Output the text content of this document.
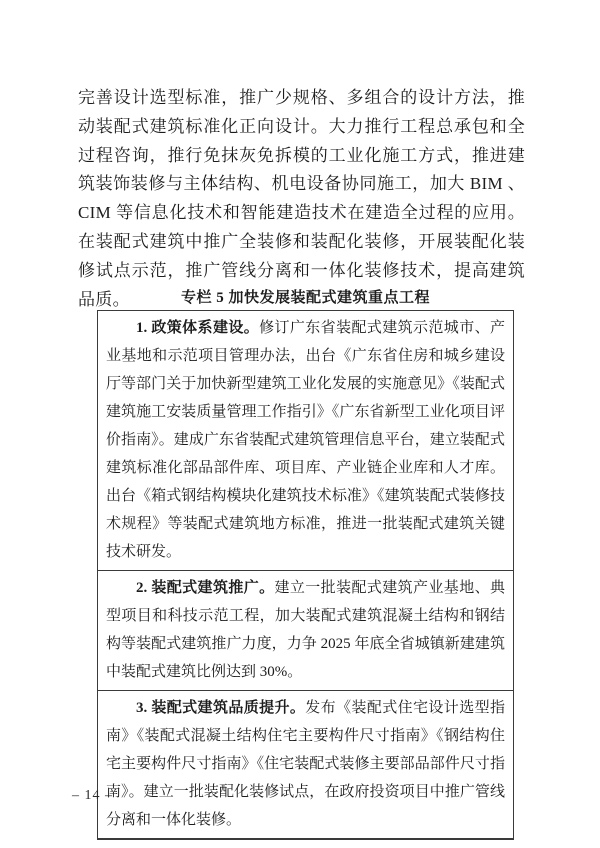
完善设计选型标准，推广少规格、多组合的设计方法，推动装配式建筑标准化正向设计。大力推行工程总承包和全过程咨询，推行免抹灰免拆模的工业化施工方式，推进建筑装饰装修与主体结构、机电设备协同施工，加大 BIM 、CIM 等信息化技术和智能建造技术在建造全过程的应用。在装配式建筑中推广全装修和装配化装修，开展装配化装修试点示范，推广管线分离和一体化装修技术，提高建筑品质。	专栏 5 加快发展装配式建筑重点工程

1. 政策体系建设。修订广东省装配式建筑示范城市、产业基地和示范项目管理办法，出台《广东省住房和城乡建设厅等部门关于加快新型建筑工业化发展的实施意见》《装配式建筑施工安装质量管理工作指引》《广东省新型工业化项目评价指南》。建成广东省装配式建筑管理信息平台，建立装配式建筑标准化部品部件库、项目库、产业链企业库和人才库。出台《箱式钢结构模块化建筑技术标准》《建筑装配式装修技术规程》等装配式建筑地方标准，推进一批装配式建筑关键技术研发。

2. 装配式建筑推广。建立一批装配式建筑产业基地、典型项目和科技示范工程，加大装配式建筑混凝土结构和钢结构等装配式建筑推广力度，力争 2025 年底全省城镇新建建筑中装配式建筑比例达到 30%。

3. 装配式建筑品质提升。发布《装配式住宅设计选型指南》《装配式混凝土结构住宅主要构件尺寸指南》《钢结构住宅主要构件尺寸指南》《住宅装配式装修主要部品部件尺寸指南》。建立一批装配化装修试点，在政府投资项目中推广管线分离和一体化装修。

– 14 –
